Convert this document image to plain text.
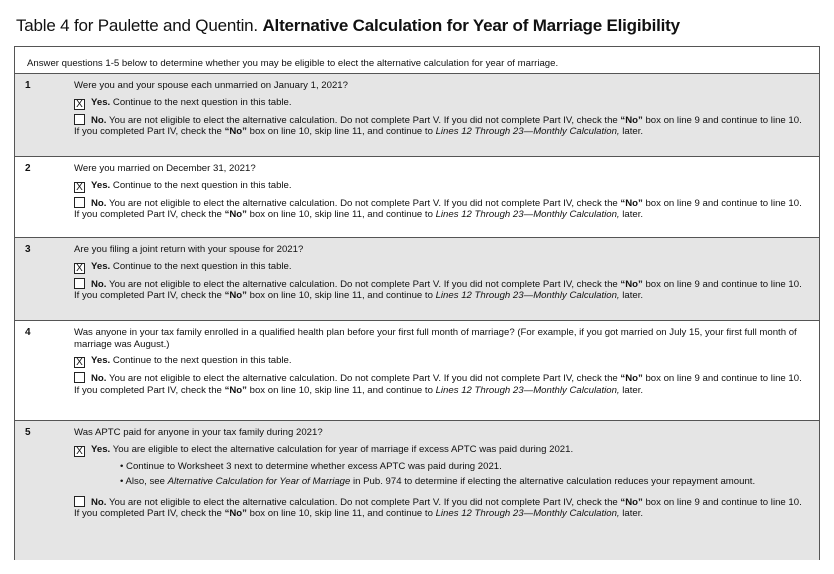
Table 4 for Paulette and Quentin. Alternative Calculation for Year of Marriage Eligibility
Answer questions 1-5 below to determine whether you may be eligible to elect the alternative calculation for year of marriage.
1	Were you and your spouse each unmarried on January 1, 2021?
X Yes. Continue to the next question in this table.
No. You are not eligible to elect the alternative calculation. Do not complete Part V. If you did not complete Part IV, check the “No” box on line 9 and continue to line 10. If you completed Part IV, check the “No” box on line 10, skip line 11, and continue to Lines 12 Through 23—Monthly Calculation, later.
2	Were you married on December 31, 2021?
X Yes. Continue to the next question in this table.
No. You are not eligible to elect the alternative calculation. Do not complete Part V. If you did not complete Part IV, check the “No” box on line 9 and continue to line 10. If you completed Part IV, check the “No” box on line 10, skip line 11, and continue to Lines 12 Through 23—Monthly Calculation, later.
3	Are you filing a joint return with your spouse for 2021?
X Yes. Continue to the next question in this table.
No. You are not eligible to elect the alternative calculation. Do not complete Part V. If you did not complete Part IV, check the “No” box on line 9 and continue to line 10. If you completed Part IV, check the “No” box on line 10, skip line 11, and continue to Lines 12 Through 23—Monthly Calculation, later.
4	Was anyone in your tax family enrolled in a qualified health plan before your first full month of marriage? (For example, if you got married on July 15, your first full month of marriage was August.)
X Yes. Continue to the next question in this table.
No. You are not eligible to elect the alternative calculation. Do not complete Part V. If you did not complete Part IV, check the “No” box on line 9 and continue to line 10. If you completed Part IV, check the “No” box on line 10, skip line 11, and continue to Lines 12 Through 23—Monthly Calculation, later.
5	Was APTC paid for anyone in your tax family during 2021?
X Yes. You are eligible to elect the alternative calculation for year of marriage if excess APTC was paid during 2021.
• Continue to Worksheet 3 next to determine whether excess APTC was paid during 2021.
• Also, see Alternative Calculation for Year of Marriage in Pub. 974 to determine if electing the alternative calculation reduces your repayment amount.
No. You are not eligible to elect the alternative calculation. Do not complete Part V. If you did not complete Part IV, check the “No” box on line 9 and continue to line 10. If you completed Part IV, check the “No” box on line 10, skip line 11, and continue to Lines 12 Through 23—Monthly Calculation, later.
